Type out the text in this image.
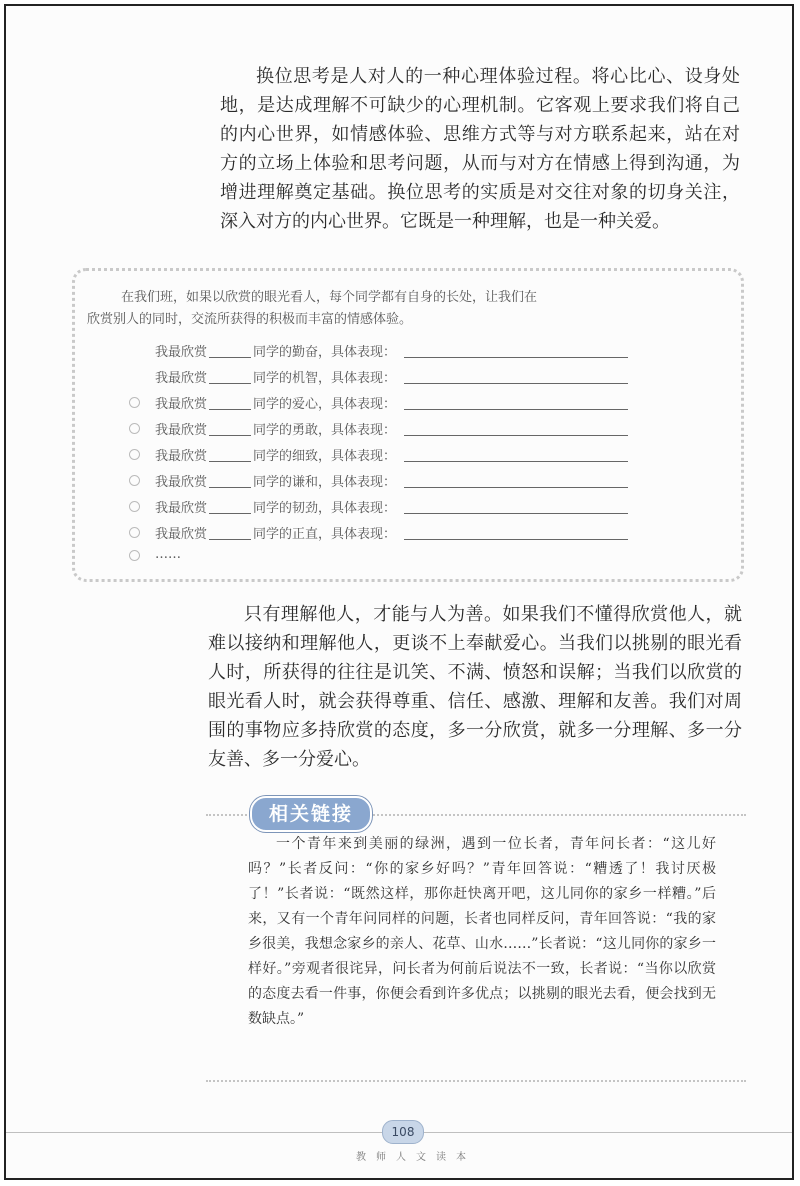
换位思考是人对人的一种心理体验过程。将心比心、设身处地，是达成理解不可缺少的心理机制。它客观上要求我们将自己的内心世界，如情感体验、思维方式等与对方联系起来，站在对方的立场上体验和思考问题，从而与对方在情感上得到沟通，为增进理解奠定基础。换位思考的实质是对交往对象的切身关注，深入对方的内心世界。它既是一种理解，也是一种关爱。

在我们班，如果以欣赏的眼光看人，每个同学都有自身的长处，让我们在
欣赏别人的同时，交流所获得的积极而丰富的情感体验。
我最欣赏	同学的勤奋，具体表现：
我最欣赏	同学的机智，具体表现：
我最欣赏	同学的爱心，具体表现：
我最欣赏	同学的勇敢，具体表现：
我最欣赏	同学的细致，具体表现：
我最欣赏	同学的谦和，具体表现：
我最欣赏	同学的韧劲，具体表现：
我最欣赏	同学的正直，具体表现：
……

只有理解他人，才能与人为善。如果我们不懂得欣赏他人，就难以接纳和理解他人，更谈不上奉献爱心。当我们以挑剔的眼光看人时，所获得的往往是讥笑、不满、愤怒和误解；当我们以欣赏的眼光看人时，就会获得尊重、信任、感激、理解和友善。我们对周围的事物应多持欣赏的态度，多一分欣赏，就多一分理解、多一分友善、多一分爱心。

相关链接

一个青年来到美丽的绿洲，遇到一位长者，青年问长者：“这儿好吗？”长者反问：“你的家乡好吗？”青年回答说：“糟透了！我讨厌极了！”长者说：“既然这样，那你赶快离开吧，这儿同你的家乡一样糟。”后来，又有一个青年问同样的问题，长者也同样反问，青年回答说：“我的家乡很美，我想念家乡的亲人、花草、山水……”长者说：“这儿同你的家乡一样好。”旁观者很诧异，问长者为何前后说法不一致，长者说：“当你以欣赏的态度去看一件事，你便会看到许多优点；以挑剔的眼光去看，便会找到无数缺点。”

108
教师人文读本
